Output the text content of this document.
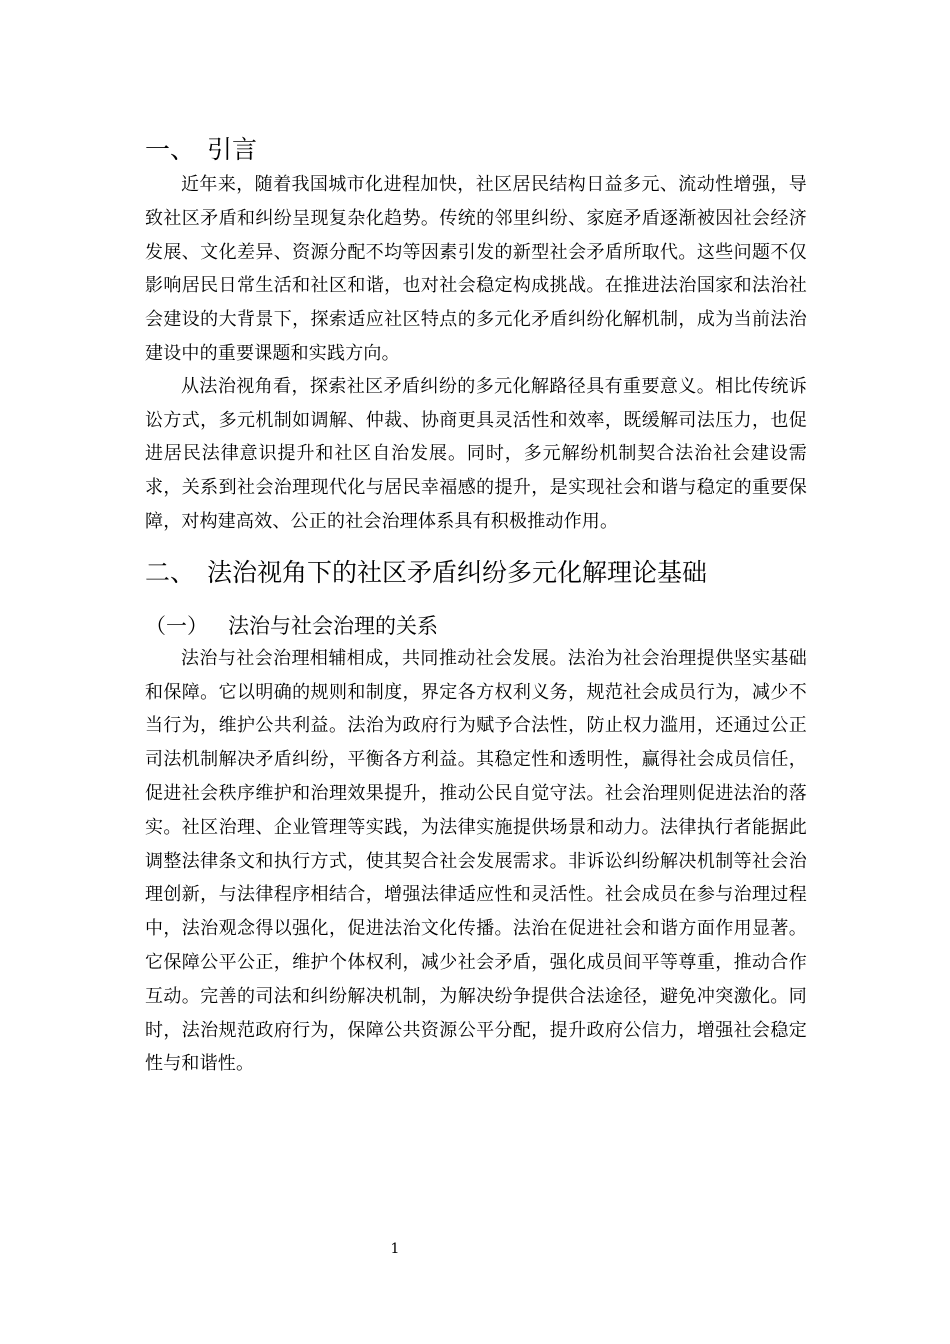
一、 引言

近年来，随着我国城市化进程加快，社区居民结构日益多元、流动性增强，导致社区矛盾和纠纷呈现复杂化趋势。传统的邻里纠纷、家庭矛盾逐渐被因社会经济发展、文化差异、资源分配不均等因素引发的新型社会矛盾所取代。这些问题不仅影响居民日常生活和社区和谐，也对社会稳定构成挑战。在推进法治国家和法治社会建设的大背景下，探索适应社区特点的多元化矛盾纠纷化解机制，成为当前法治建设中的重要课题和实践方向。

从法治视角看，探索社区矛盾纠纷的多元化解路径具有重要意义。相比传统诉讼方式，多元机制如调解、仲裁、协商更具灵活性和效率，既缓解司法压力，也促进居民法律意识提升和社区自治发展。同时，多元解纷机制契合法治社会建设需求，关系到社会治理现代化与居民幸福感的提升，是实现社会和谐与稳定的重要保障，对构建高效、公正的社会治理体系具有积极推动作用。

二、 法治视角下的社区矛盾纠纷多元化解理论基础
（一） 法治与社会治理的关系

法治与社会治理相辅相成，共同推动社会发展。法治为社会治理提供坚实基础和保障。它以明确的规则和制度，界定各方权利义务，规范社会成员行为，减少不当行为，维护公共利益。法治为政府行为赋予合法性，防止权力滥用，还通过公正司法机制解决矛盾纠纷，平衡各方利益。其稳定性和透明性，赢得社会成员信任，促进社会秩序维护和治理效果提升，推动公民自觉守法。社会治理则促进法治的落实。社区治理、企业管理等实践，为法律实施提供场景和动力。法律执行者能据此调整法律条文和执行方式，使其契合社会发展需求。非诉讼纠纷解决机制等社会治理创新，与法律程序相结合，增强法律适应性和灵活性。社会成员在参与治理过程中，法治观念得以强化，促进法治文化传播。法治在促进社会和谐方面作用显著。它保障公平公正，维护个体权利，减少社会矛盾，强化成员间平等尊重，推动合作互动。完善的司法和纠纷解决机制，为解决纷争提供合法途径，避免冲突激化。同时，法治规范政府行为，保障公共资源公平分配，提升政府公信力，增强社会稳定性与和谐性。

1
